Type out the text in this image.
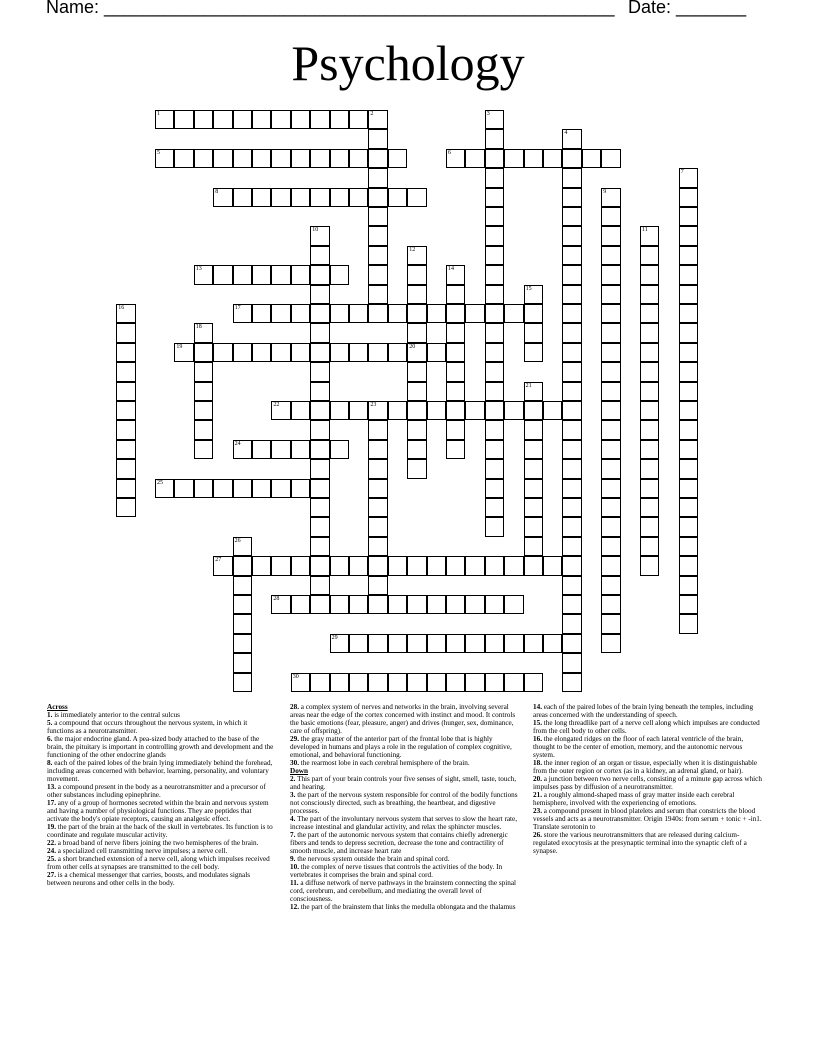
Name: ___________________________________________________ Date: _______
Psychology
1
5	6
8
13
17
19	20
22	23
24
25
27
28
29
30
2	3
4
7
9
10	11
12
14
15
16
18
21
26

Across

1. is immediately anterior to the central sulcus

5. a compound that occurs throughout the nervous system, in which it functions as a neurotransmitter.

6. the major endocrine gland. A pea-sized body attached to the base of the brain, the pituitary is important in controlling growth and development and the functioning of the other endocrine glands

8. each of the paired lobes of the brain lying immediately behind the forehead, including areas concerned with behavior, learning, personality, and voluntary movement.

13. a compound present in the body as a neurotransmitter and a precursor of other substances including epinephrine.

17. any of a group of hormones secreted within the brain and nervous system and having a number of physiological functions. They are peptides that activate the body's opiate receptors, causing an analgesic effect.

19. the part of the brain at the back of the skull in vertebrates. Its function is to coordinate and regulate muscular activity.

22. a broad band of nerve fibers joining the two hemispheres of the brain.

24. a specialized cell transmitting nerve impulses; a nerve cell.

25. a short branched extension of a nerve cell, along which impulses received from other cells at synapses are transmitted to the cell body.

27. is a chemical messenger that carries, boosts, and modulates signals between neurons and other cells in the body.

28. a complex system of nerves and networks in the brain, involving several areas near the edge of the cortex concerned with instinct and mood. It controls the basic emotions (fear, pleasure, anger) and drives (hunger, sex, dominance, care of offspring).

29. the gray matter of the anterior part of the frontal lobe that is highly developed in humans and plays a role in the regulation of complex cognitive, emotional, and behavioral functioning.

30. the rearmost lobe in each cerebral hemisphere of the brain.

Down

2. This part of your brain controls your five senses of sight, smell, taste, touch, and hearing.

3. the part of the nervous system responsible for control of the bodily functions not consciously directed, such as breathing, the heartbeat, and digestive processes.

4. The part of the involuntary nervous system that serves to slow the heart rate, increase intestinal and glandular activity, and relax the sphincter muscles.

7. the part of the autonomic nervous system that contains chiefly adrenergic fibers and tends to depress secretion, decrease the tone and contractility of smooth muscle, and increase heart rate

9. the nervous system outside the brain and spinal cord.

10. the complex of nerve tissues that controls the activities of the body. In vertebrates it comprises the brain and spinal cord.

11. a diffuse network of nerve pathways in the brainstem connecting the spinal cord, cerebrum, and cerebellum, and mediating the overall level of consciousness.

12. the part of the brainstem that links the medulla oblongata and the thalamus

14. each of the paired lobes of the brain lying beneath the temples, including areas concerned with the understanding of speech.

15. the long threadlike part of a nerve cell along which impulses are conducted from the cell body to other cells.

16. the elongated ridges on the floor of each lateral ventricle of the brain, thought to be the center of emotion, memory, and the autonomic nervous system.

18. the inner region of an organ or tissue, especially when it is distinguishable from the outer region or cortex (as in a kidney, an adrenal gland, or hair).

20. a junction between two nerve cells, consisting of a minute gap across which impulses pass by diffusion of a neurotransmitter.

21. a roughly almond-shaped mass of gray matter inside each cerebral hemisphere, involved with the experiencing of emotions.

23. a compound present in blood platelets and serum that constricts the blood vessels and acts as a neurotransmitter. Origin 1940s: from serum + tonic + -in1. Translate serotonin to

26. store the various neurotransmitters that are released during calcium-regulated exocytosis at the presynaptic terminal into the synaptic cleft of a synapse.
